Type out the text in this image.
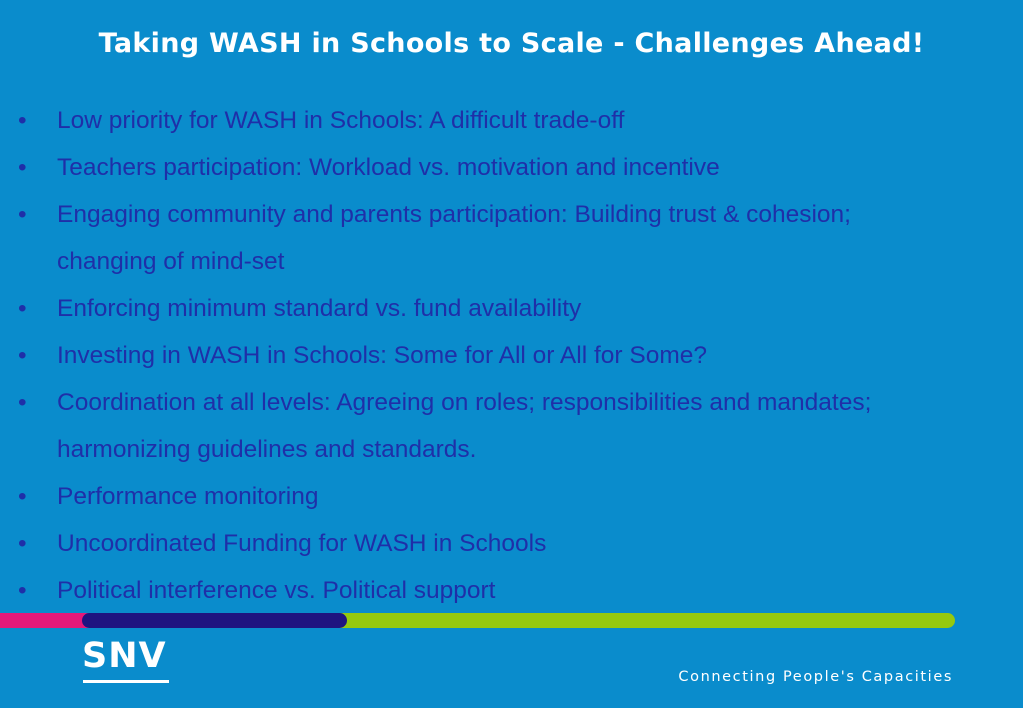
Taking WASH in Schools to Scale - Challenges Ahead!
•	Low priority for WASH in Schools: A difficult trade-off
•	Teachers participation: Workload vs. motivation and incentive
•	Engaging community and parents participation: Building trust & cohesion; changing of mind-set
•	Enforcing minimum standard vs. fund availability
•	Investing in WASH in Schools: Some for All or All for Some?
•	Coordination at all levels: Agreeing on roles; responsibilities and mandates; harmonizing guidelines and standards.
•	Performance monitoring
•	Uncoordinated Funding for WASH in Schools
•	Political interference vs. Political support
SNV
Connecting People's Capacities
